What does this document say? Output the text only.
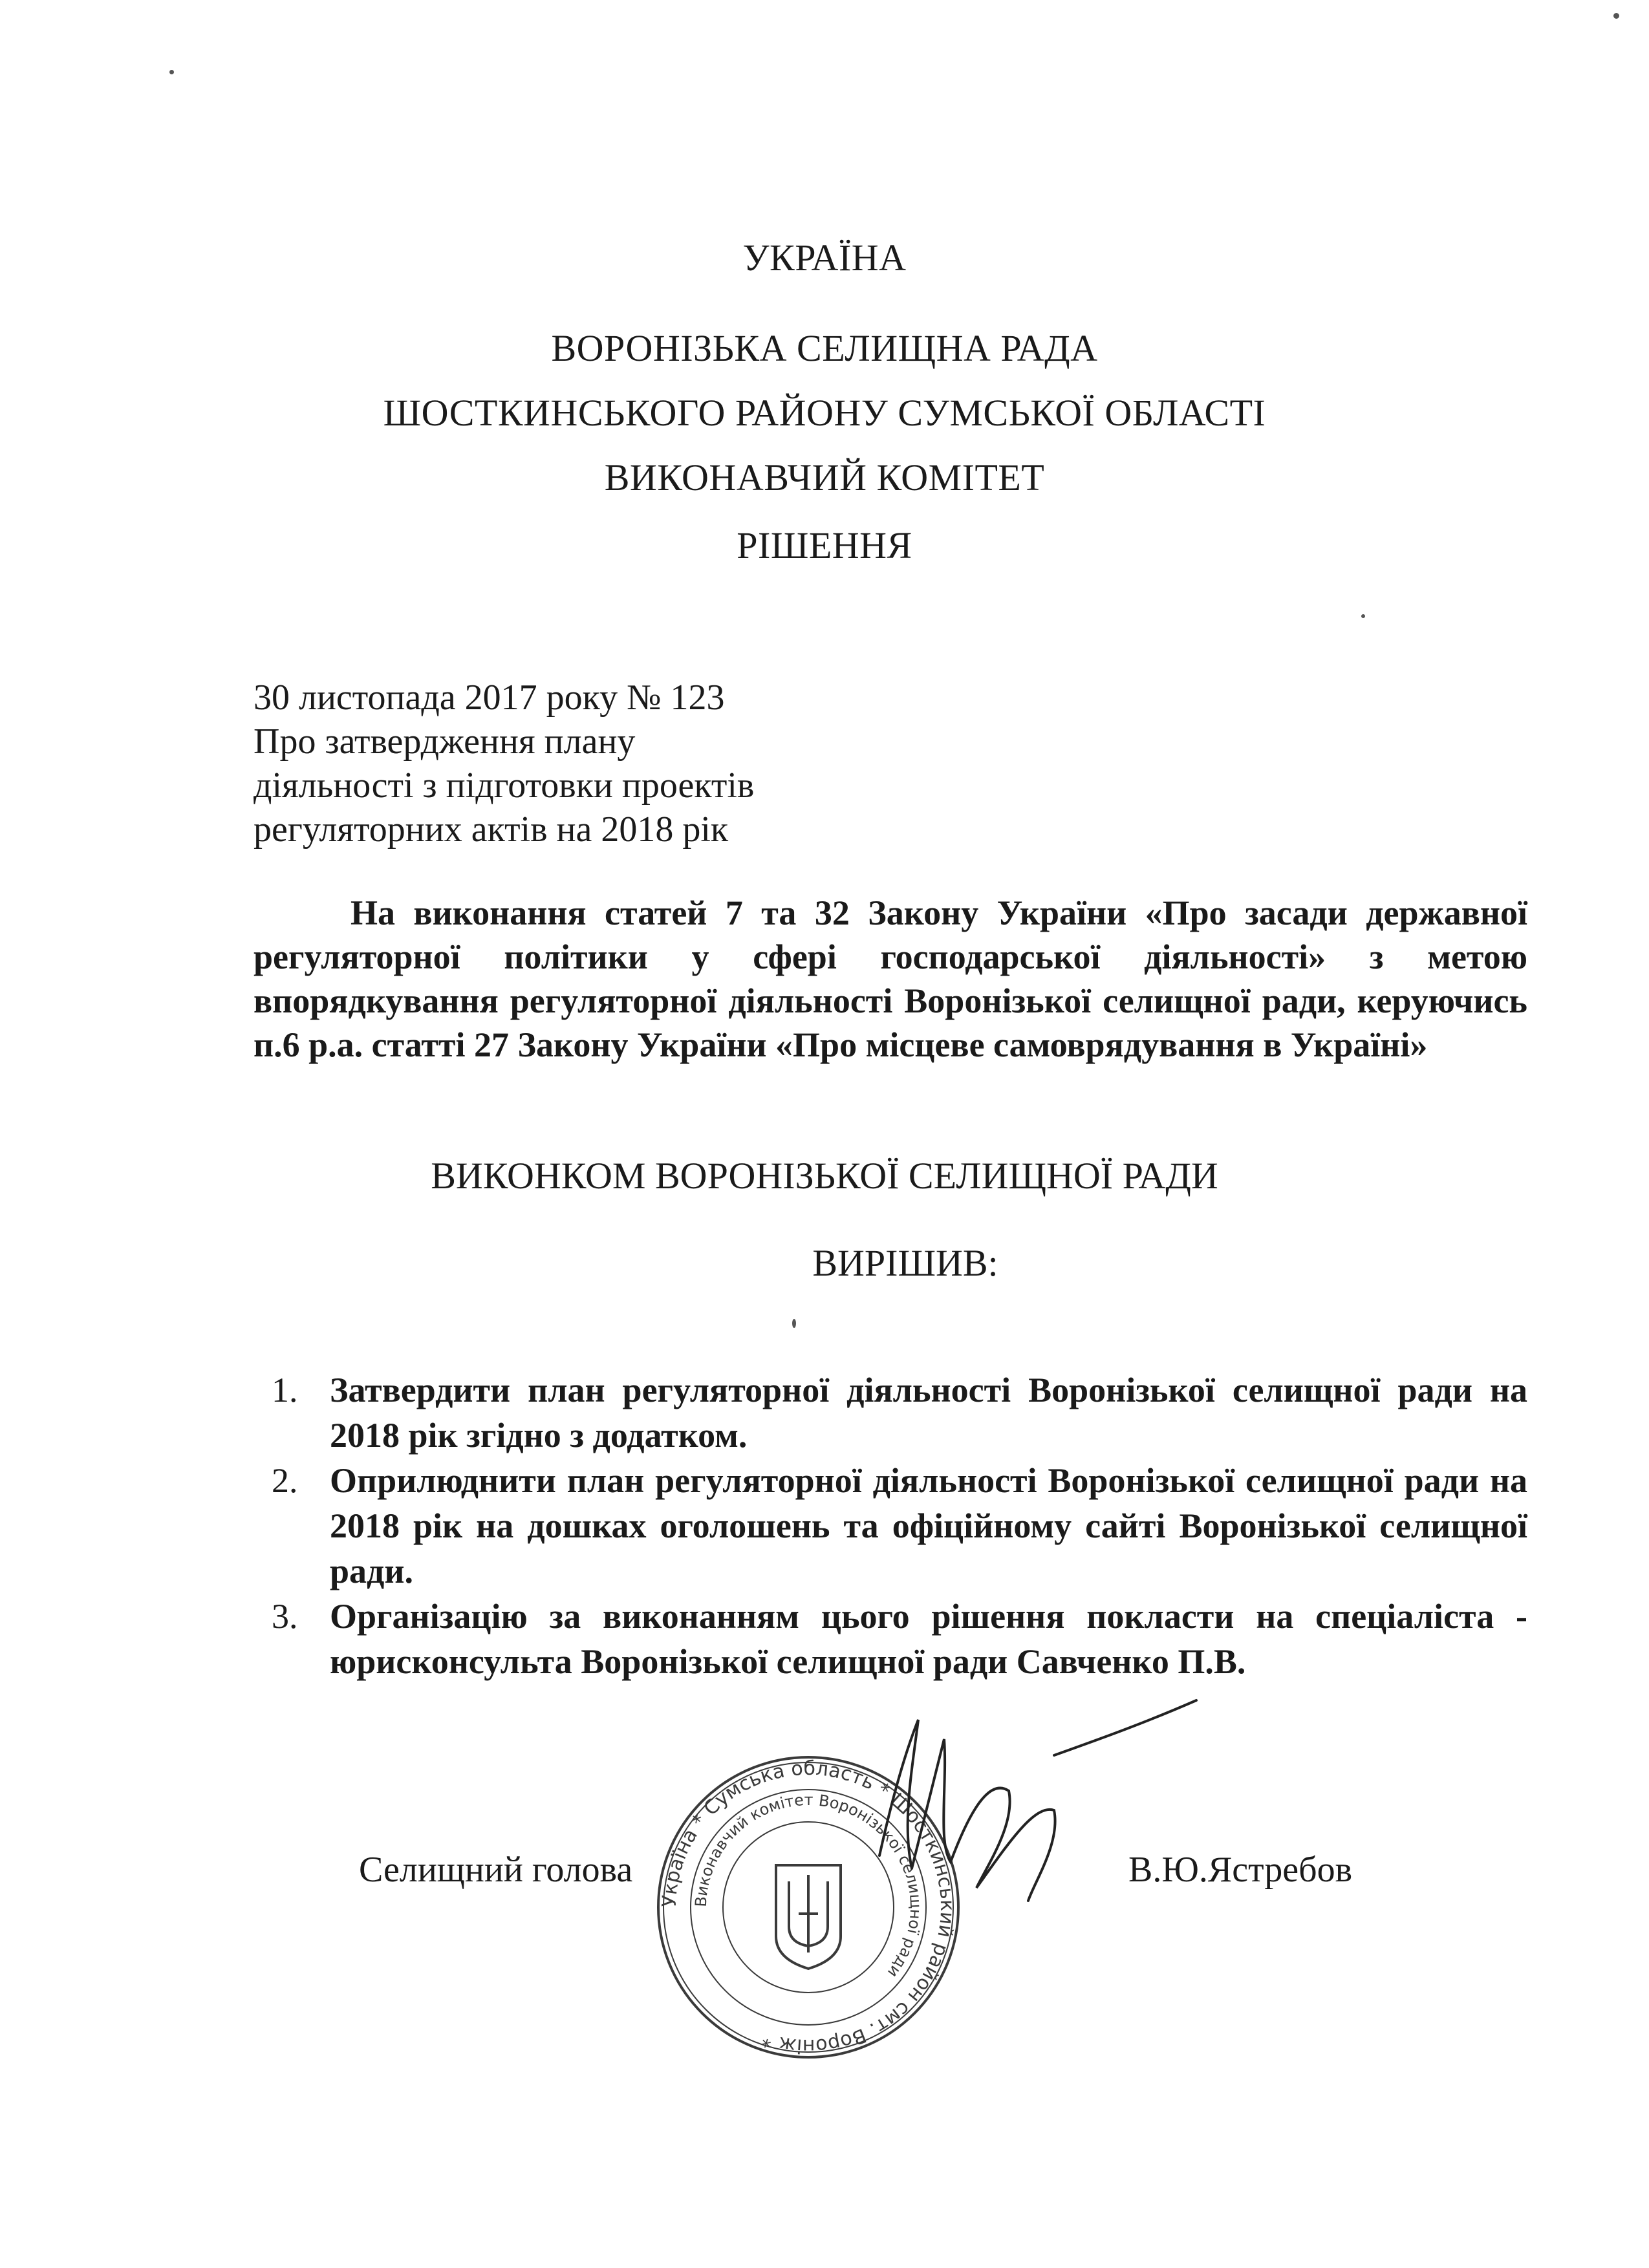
УКРАЇНА
ВОРОНІЗЬКА СЕЛИЩНА РАДА
ШОСТКИНСЬКОГО РАЙОНУ СУМСЬКОЇ ОБЛАСТІ
ВИКОНАВЧИЙ КОМІТЕТ
РІШЕННЯ
30 листопада 2017 року № 123
Про затвердження плану
діяльності з підготовки проектів
регуляторних актів на 2018 рік
На виконання статей 7 та 32 Закону України «Про засади державної регуляторної політики у сфері господарської діяльності» з метою впорядкування регуляторної діяльності Воронізької селищної ради, керуючись п.6 р.а. статті 27 Закону України «Про місцеве самоврядування в Україні»
ВИКОНКОМ ВОРОНІЗЬКОЇ СЕЛИЩНОЇ РАДИ
ВИРІШИВ:
1. Затвердити план регуляторної діяльності Воронізької селищної ради на 2018 рік згідно з додатком.
2. Оприлюднити план регуляторної діяльності Воронізької селищної ради на 2018 рік на дошках оголошень та офіційному сайті Воронізької селищної ради.
3. Організацію за виконанням цього рішення покласти на спеціаліста - юрисконсульта Воронізької селищної ради Савченко П.В.
Україна * Сумська область * Шосткинський район смт. Вороніж *
Виконавчий комітет Воронізької селищної ради
Селищний голова	В.Ю.Ястребов
